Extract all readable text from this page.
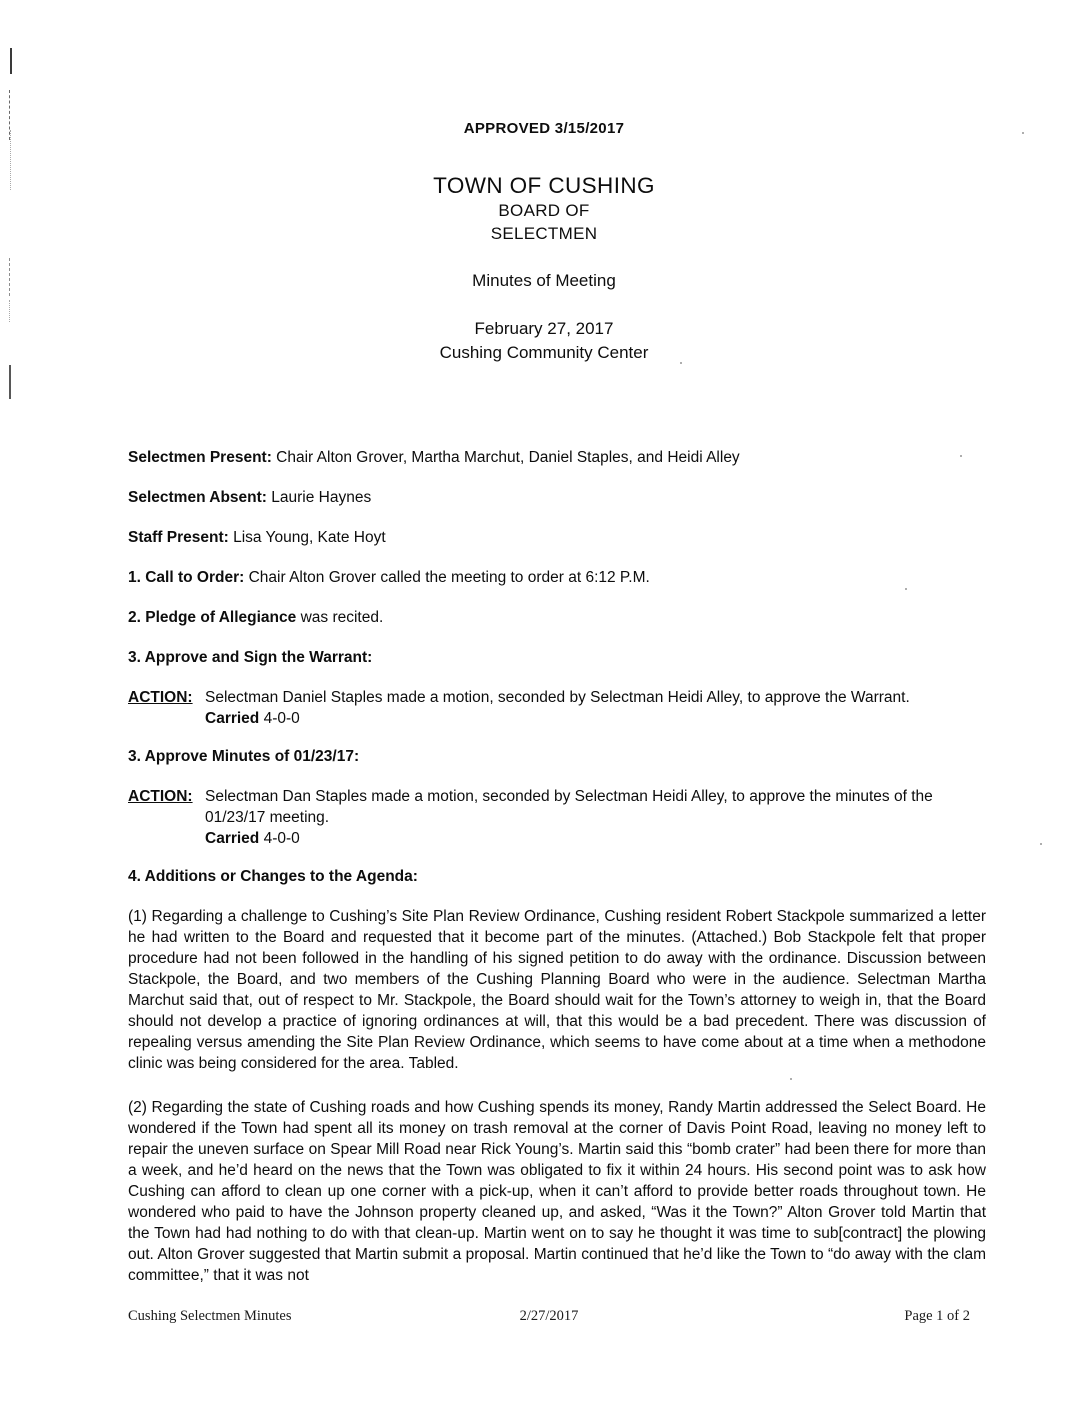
APPROVED 3/15/2017

TOWN OF CUSHING

BOARD OF

SELECTMEN

Minutes of Meeting

February 27, 2017

Cushing Community Center

Selectmen Present: Chair Alton Grover, Martha Marchut, Daniel Staples, and Heidi Alley

Selectmen Absent: Laurie Haynes

Staff Present: Lisa Young, Kate Hoyt

1. Call to Order: Chair Alton Grover called the meeting to order at 6:12 P.M.

2. Pledge of Allegiance was recited.

3. Approve and Sign the Warrant:

ACTION: Selectman Daniel Staples made a motion, seconded by Selectman Heidi Alley, to approve the Warrant.
Carried 4-0-0

3. Approve Minutes of 01/23/17:

ACTION: Selectman Dan Staples made a motion, seconded by Selectman Heidi Alley, to approve the minutes of the 01/23/17 meeting.
Carried 4-0-0

4. Additions or Changes to the Agenda:

(1) Regarding a challenge to Cushing’s Site Plan Review Ordinance, Cushing resident Robert Stackpole summarized a letter he had written to the Board and requested that it become part of the minutes. (Attached.) Bob Stackpole felt that proper procedure had not been followed in the handling of his signed petition to do away with the ordinance. Discussion between Stackpole, the Board, and two members of the Cushing Planning Board who were in the audience. Selectman Martha Marchut said that, out of respect to Mr. Stackpole, the Board should wait for the Town’s attorney to weigh in, that the Board should not develop a practice of ignoring ordinances at will, that this would be a bad precedent. There was discussion of repealing versus amending the Site Plan Review Ordinance, which seems to have come about at a time when a methodone clinic was being considered for the area. Tabled.

(2) Regarding the state of Cushing roads and how Cushing spends its money, Randy Martin addressed the Select Board. He wondered if the Town had spent all its money on trash removal at the corner of Davis Point Road, leaving no money left to repair the uneven surface on Spear Mill Road near Rick Young’s. Martin said this “bomb crater” had been there for more than a week, and he’d heard on the news that the Town was obligated to fix it within 24 hours. His second point was to ask how Cushing can afford to clean up one corner with a pick-up, when it can’t afford to provide better roads throughout town. He wondered who paid to have the Johnson property cleaned up, and asked, “Was it the Town?” Alton Grover told Martin that the Town had had nothing to do with that clean-up. Martin went on to say he thought it was time to sub[contract] the plowing out. Alton Grover suggested that Martin submit a proposal. Martin continued that he’d like the Town to “do away with the clam committee,” that it was not

Cushing Selectmen Minutes	2/27/2017	Page 1 of 2
